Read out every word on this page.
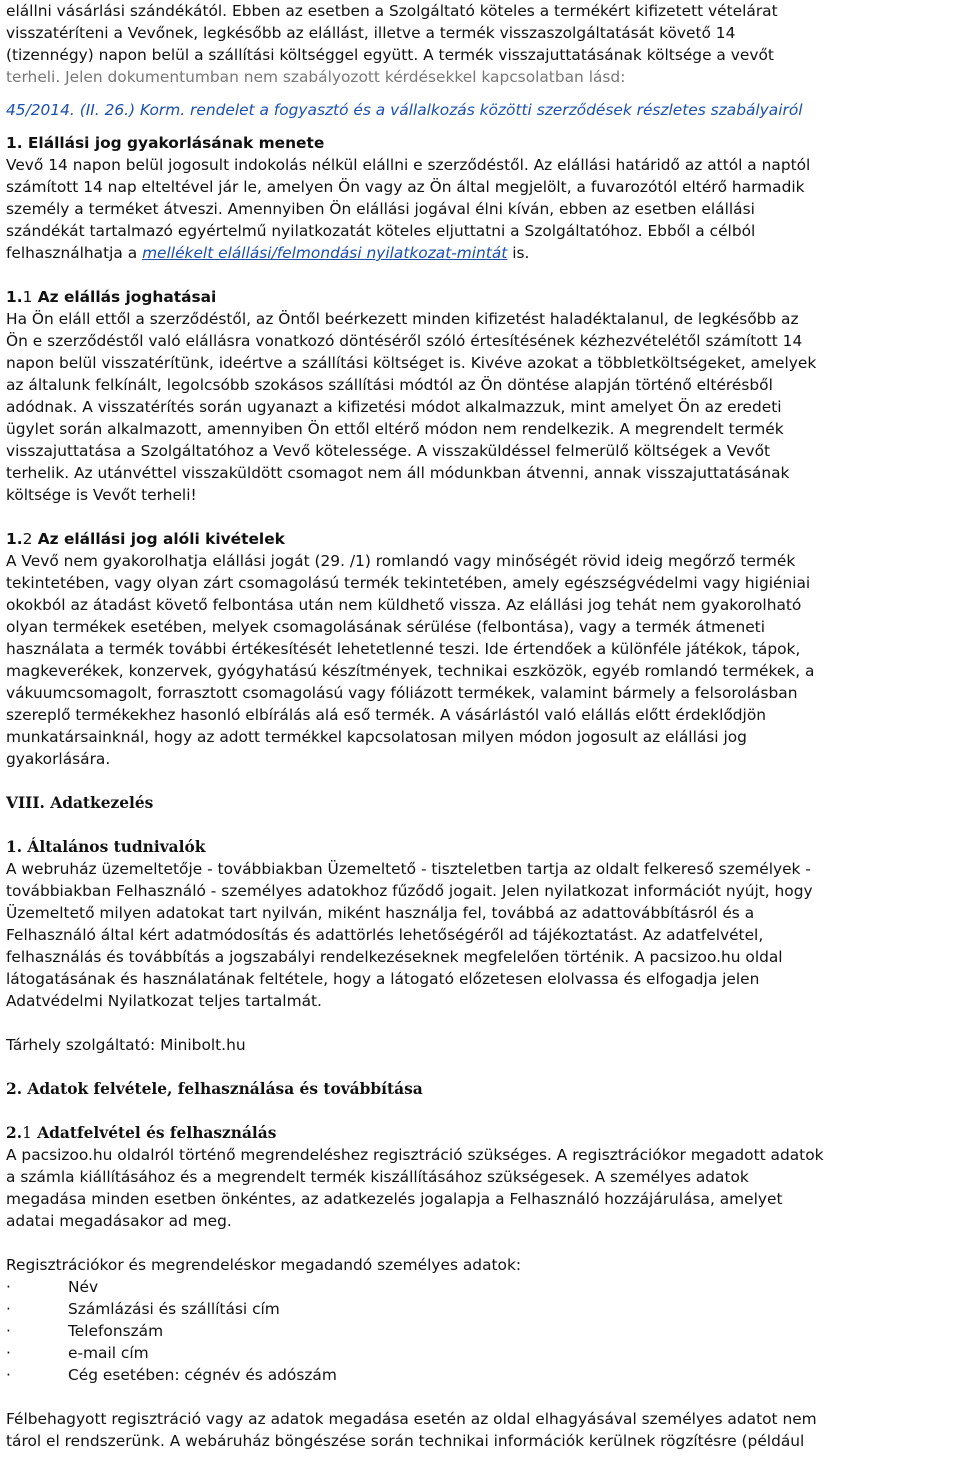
elállni vásárlási szándékától. Ebben az esetben a Szolgáltató köteles a termékért kifizetett vételárat
visszatéríteni a Vevőnek, legkésőbb az elállást, illetve a termék visszaszolgáltatását követő 14
(tizennégy) napon belül a szállítási költséggel együtt. A termék visszajuttatásának költsége a vevőt
terheli. Jelen dokumentumban nem szabályozott kérdésekkel kapcsolatban lásd:
45/2014. (II. 26.) Korm. rendelet a fogyasztó és a vállalkozás közötti szerződések részletes szabályairól
1. Elállási jog gyakorlásának menete
Vevő 14 napon belül jogosult indokolás nélkül elállni e szerződéstől. Az elállási határidő az attól a naptól
számított 14 nap elteltével jár le, amelyen Ön vagy az Ön által megjelölt, a fuvarozótól eltérő harmadik
személy a terméket átveszi. Amennyiben Ön elállási jogával élni kíván, ebben az esetben elállási
szándékát tartalmazó egyértelmű nyilatkozatát köteles eljuttatni a Szolgáltatóhoz. Ebből a célból
felhasználhatja a mellékelt elállási/felmondási nyilatkozat-mintát is.
1.1 Az elállás joghatásai
Ha Ön eláll ettől a szerződéstől, az Öntől beérkezett minden kifizetést haladéktalanul, de legkésőbb az
Ön e szerződéstől való elállásra vonatkozó döntéséről szóló értesítésének kézhezvételétől számított 14
napon belül visszatérítünk, ideértve a szállítási költséget is. Kivéve azokat a többletköltségeket, amelyek
az általunk felkínált, legolcsóbb szokásos szállítási módtól az Ön döntése alapján történő eltérésből
adódnak. A visszatérítés során ugyanazt a kifizetési módot alkalmazzuk, mint amelyet Ön az eredeti
ügylet során alkalmazott, amennyiben Ön ettől eltérő módon nem rendelkezik. A megrendelt termék
visszajuttatása a Szolgáltatóhoz a Vevő kötelessége. A visszaküldéssel felmerülő költségek a Vevőt
terhelik. Az utánvéttel visszaküldött csomagot nem áll módunkban átvenni, annak visszajuttatásának
költsége is Vevőt terheli!
1.2 Az elállási jog alóli kivételek
A Vevő nem gyakorolhatja elállási jogát (29. /1) romlandó vagy minőségét rövid ideig megőrző termék
tekintetében, vagy olyan zárt csomagolású termék tekintetében, amely egészségvédelmi vagy higiéniai
okokból az átadást követő felbontása után nem küldhető vissza. Az elállási jog tehát nem gyakorolható
olyan termékek esetében, melyek csomagolásának sérülése (felbontása), vagy a termék átmeneti
használata a termék további értékesítését lehetetlenné teszi. Ide értendőek a különféle játékok, tápok,
magkeverékek, konzervek, gyógyhatású készítmények, technikai eszközök, egyéb romlandó termékek, a
vákuumcsomagolt, forrasztott csomagolású vagy fóliázott termékek, valamint bármely a felsorolásban
szereplő termékekhez hasonló elbírálás alá eső termék. A vásárlástól való elállás előtt érdeklődjön
munkatársainknál, hogy az adott termékkel kapcsolatosan milyen módon jogosult az elállási jog
gyakorlására.
VIII. Adatkezelés
1. Általános tudnivalók
A webruház üzemeltetője - továbbiakban Üzemeltető - tiszteletben tartja az oldalt felkereső személyek -
továbbiakban Felhasználó - személyes adatokhoz fűződő jogait. Jelen nyilatkozat információt nyújt, hogy
Üzemeltető milyen adatokat tart nyilván, miként használja fel, továbbá az adattovábbításról és a
Felhasználó által kért adatmódosítás és adattörlés lehetőségéről ad tájékoztatást. Az adatfelvétel,
felhasználás és továbbítás a jogszabályi rendelkezéseknek megfelelően történik. A pacsizoo.hu oldal
látogatásának és használatának feltétele, hogy a látogató előzetesen elolvassa és elfogadja jelen
Adatvédelmi Nyilatkozat teljes tartalmát.
Tárhely szolgáltató: Minibolt.hu
2. Adatok felvétele, felhasználása és továbbítása
2.1 Adatfelvétel és felhasználás
A pacsizoo.hu oldalról történő megrendeléshez regisztráció szükséges. A regisztrációkor megadott adatok
a számla kiállításához és a megrendelt termék kiszállításához szükségesek. A személyes adatok
megadása minden esetben önkéntes, az adatkezelés jogalapja a Felhasználó hozzájárulása, amelyet
adatai megadásakor ad meg.
Regisztrációkor és megrendeléskor megadandó személyes adatok:
·	Név
·	Számlázási és szállítási cím
·	Telefonszám
·	e-mail cím
·	Cég esetében: cégnév és adószám
Félbehagyott regisztráció vagy az adatok megadása esetén az oldal elhagyásával személyes adatot nem
tárol el rendszerünk. A webáruház böngészése során technikai információk kerülnek rögzítésre (például
